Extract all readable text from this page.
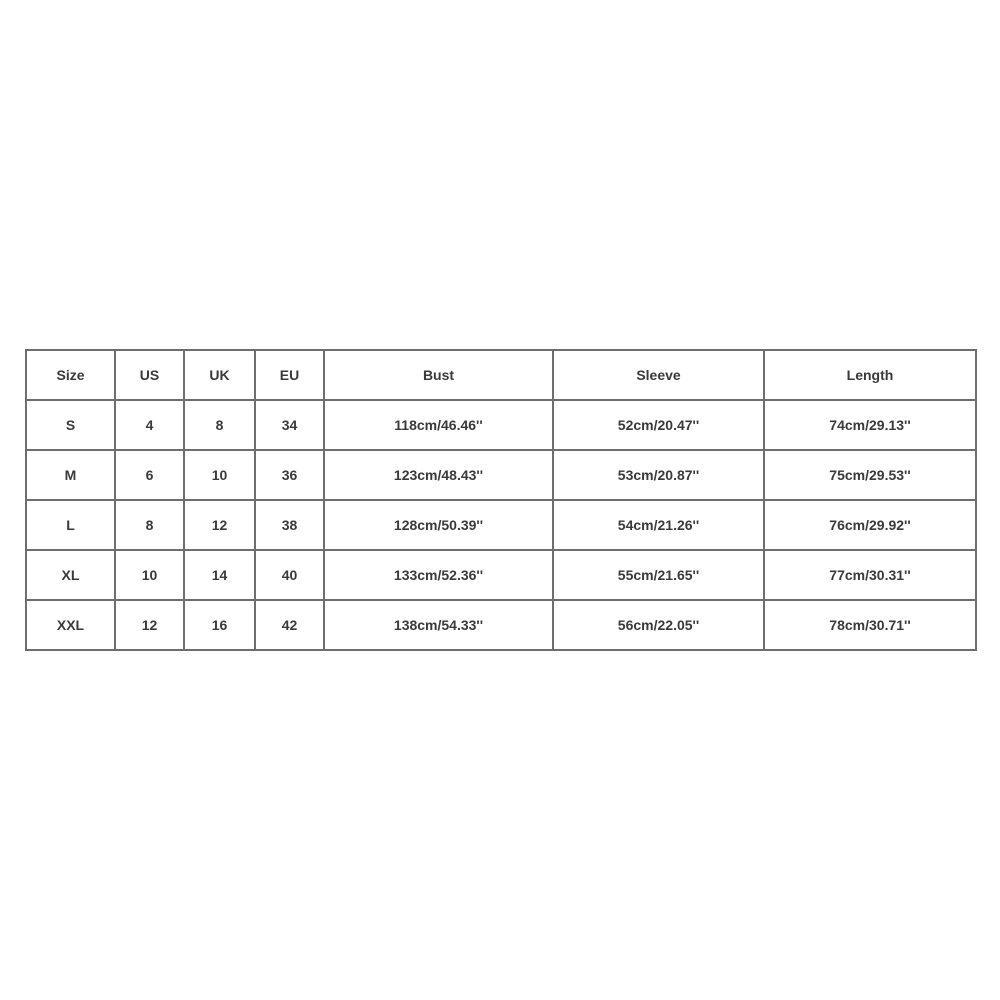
Size	US	UK	EU	Bust	Sleeve	Length
S	4	8	34	118cm/46.46''	52cm/20.47''	74cm/29.13''
M	6	10	36	123cm/48.43''	53cm/20.87''	75cm/29.53''
L	8	12	38	128cm/50.39''	54cm/21.26''	76cm/29.92''
XL	10	14	40	133cm/52.36''	55cm/21.65''	77cm/30.31''
XXL	12	16	42	138cm/54.33''	56cm/22.05''	78cm/30.71''
